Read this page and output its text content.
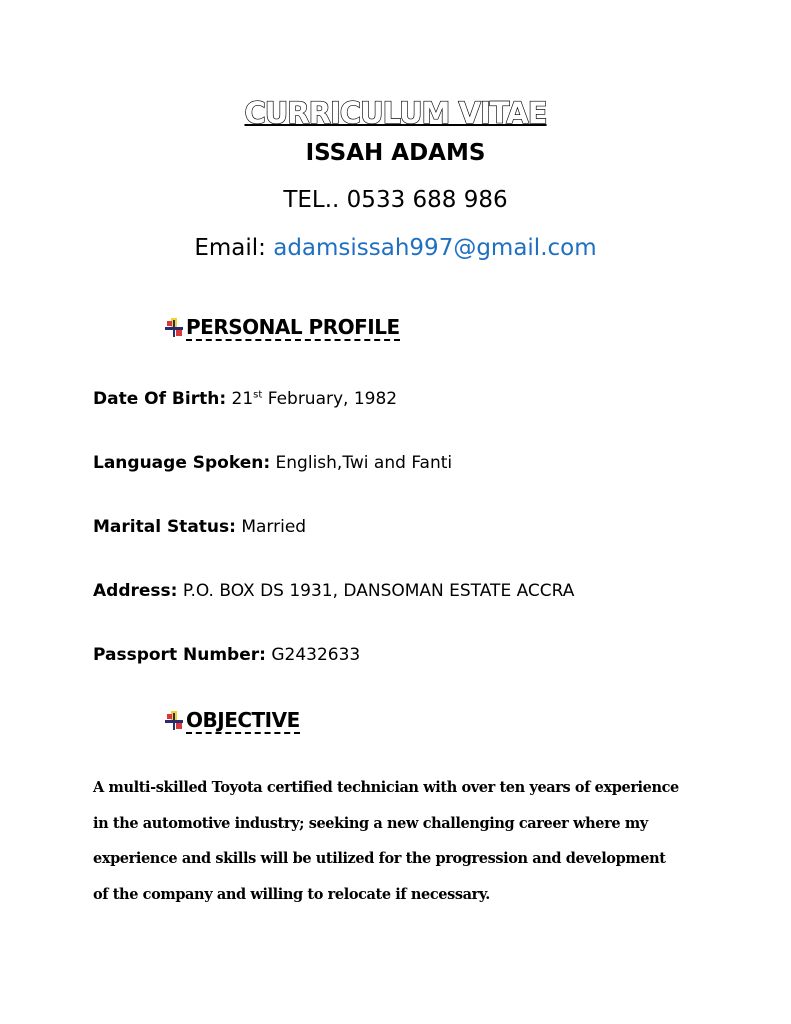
CURRICULUM VITAE
ISSAH ADAMS
TEL.. 0533 688 986
Email: adamsissah997@gmail.com
PERSONAL PROFILE
Date Of Birth: 21st February, 1982
Language Spoken: English,Twi and Fanti
Marital Status: Married
Address: P.O. BOX DS 1931, DANSOMAN ESTATE ACCRA
Passport Number: G2432633
OBJECTIVE
A multi-skilled Toyota certified technician with over ten years of experience
in the automotive industry; seeking a new challenging career where my
experience and skills will be utilized for the progression and development
of the company and willing to relocate if necessary.
